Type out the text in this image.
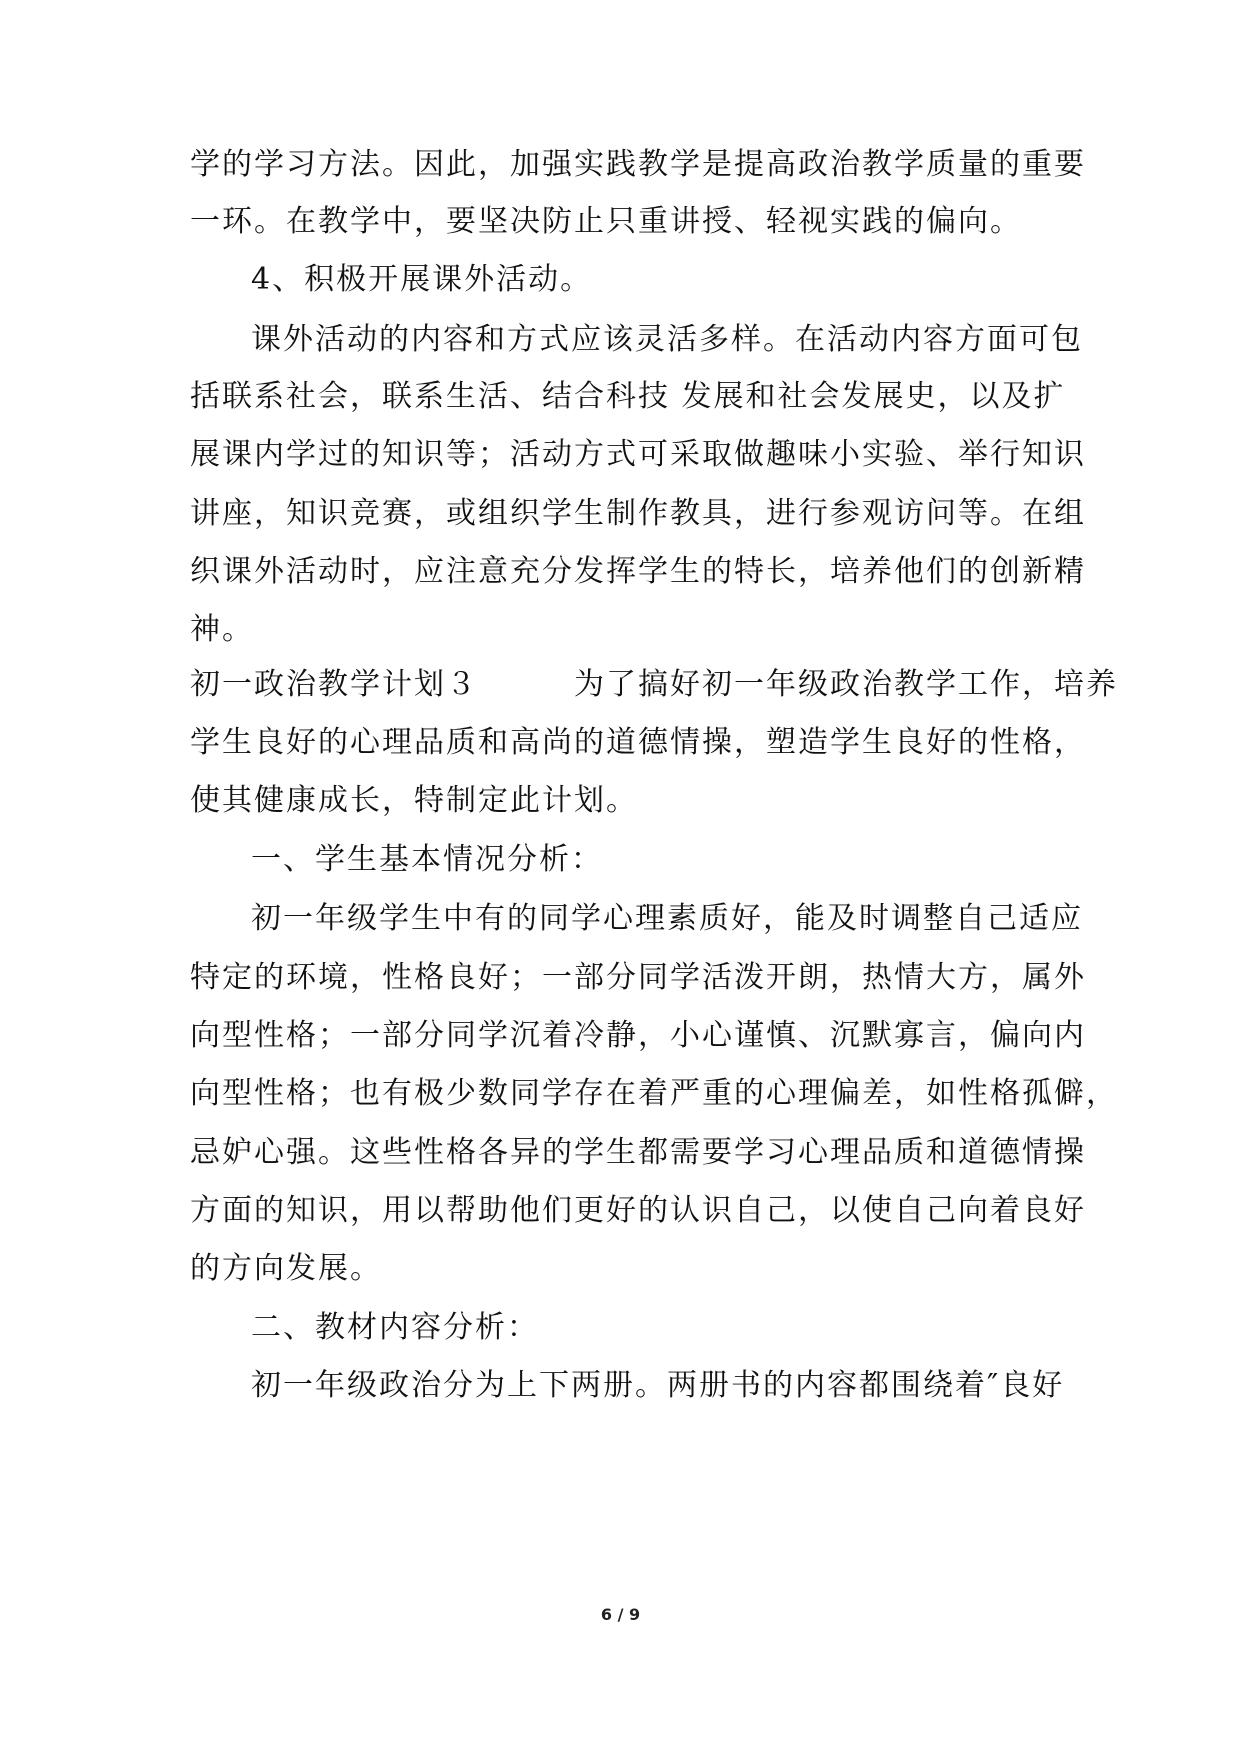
学的学习方法。因此，加强实践教学是提高政治教学质量的重要
一环。在教学中，要坚决防止只重讲授、轻视实践的偏向。
4、积极开展课外活动。
课外活动的内容和方式应该灵活多样。在活动内容方面可包
括联系社会，联系生活、结合科技 发展和社会发展史，以及扩
展课内学过的知识等；活动方式可采取做趣味小实验、举行知识
讲座，知识竞赛，或组织学生制作教具，进行参观访问等。在组
织课外活动时，应注意充分发挥学生的特长，培养他们的创新精
神。
初一政治教学计划３　　　为了搞好初一年级政治教学工作，培养
学生良好的心理品质和高尚的道德情操，塑造学生良好的性格，
使其健康成长，特制定此计划。
一、学生基本情况分析：
初一年级学生中有的同学心理素质好，能及时调整自己适应
特定的环境，性格良好；一部分同学活泼开朗，热情大方，属外
向型性格；一部分同学沉着冷静，小心谨慎、沉默寡言，偏向内
向型性格；也有极少数同学存在着严重的心理偏差，如性格孤僻，
忌妒心强。这些性格各异的学生都需要学习心理品质和道德情操
方面的知识，用以帮助他们更好的认识自己，以使自己向着良好
的方向发展。
二、教材内容分析：
初一年级政治分为上下两册。两册书的内容都围绕着″良好
6 / 9
